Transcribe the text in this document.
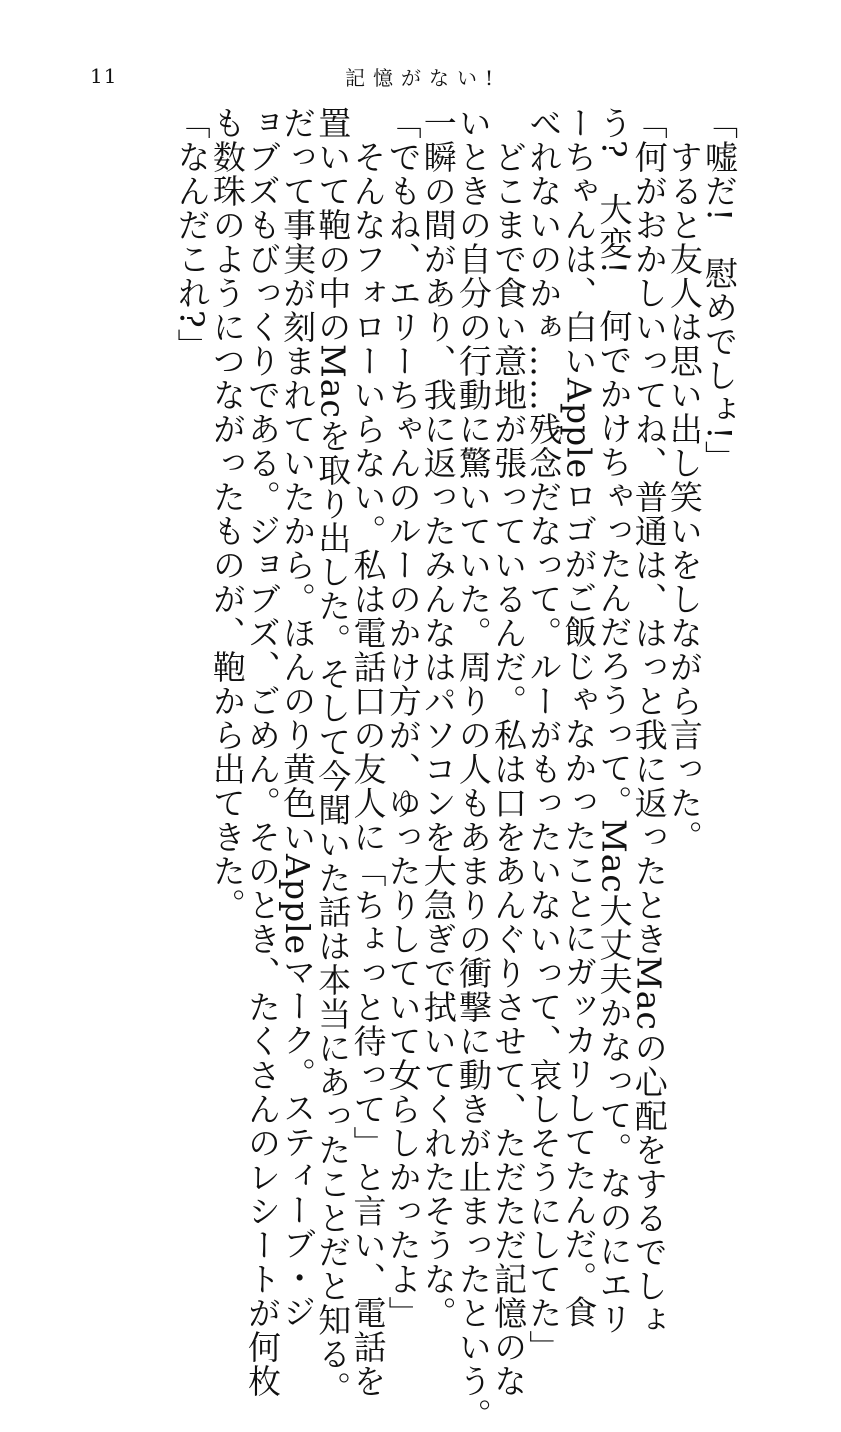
11	記憶がない!
「嘘だ!　慰めでしょ!」
　すると友人は思い出し笑いをしながら言った。
「何がおかしいってね、普通は、はっと我に返ったときMacの心配をするでしょ
う?　大変!　何でかけちゃったんだろうって。Mac大丈夫かなって。なのにエリ
ーちゃんは、白いAppleロゴがご飯じゃなかったことにガッカリしてたんだ。食
べれないのかぁ……残念だなって。ルーがもったいないって、哀しそうにしてた」
　どこまで食い意地が張っているんだ。私は口をあんぐりさせて、ただただ記憶のな
いときの自分の行動に驚いていた。周りの人もあまりの衝撃に動きが止まったという。
一瞬の間があり、我に返ったみんなはパソコンを大急ぎで拭いてくれたそうな。
「でもね、エリーちゃんのルーのかけ方が、ゆったりしていて女らしかったよ」
　そんなフォローいらない。私は電話口の友人に「ちょっと待って」と言い、電話を
置いて鞄の中のMacを取り出した。そして今聞いた話は本当にあったことだと知る。
だって事実が刻まれていたから。ほんのり黄色いAppleマーク。スティーブ・ジ
ョブズもびっくりである。ジョブズ、ごめん。そのとき、たくさんのレシートが何枚
も数珠のようにつながったものが、鞄から出てきた。
「なんだこれ?」
